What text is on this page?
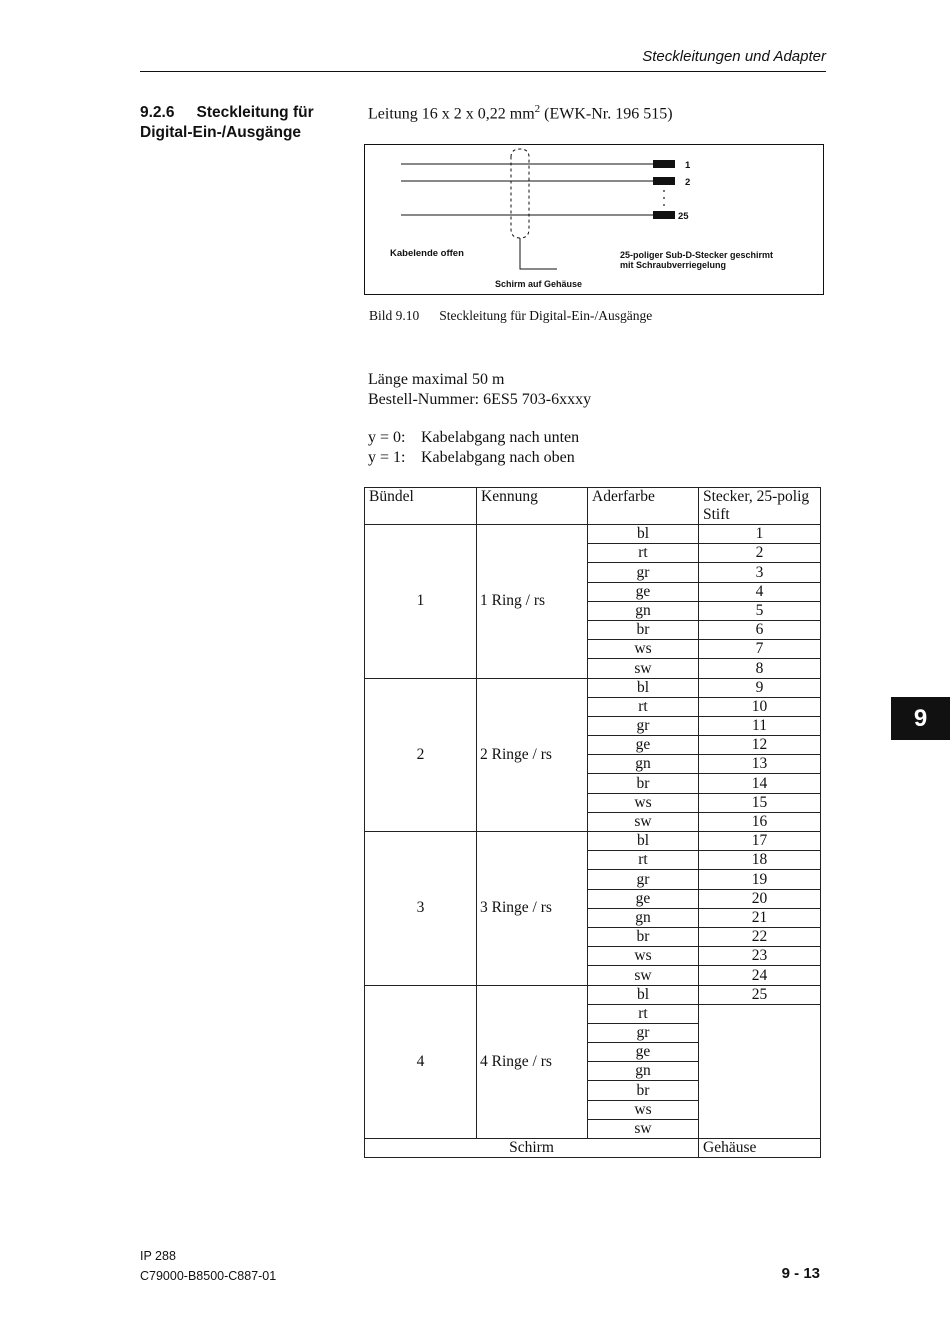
Steckleitungen und Adapter
9.2.6 Steckleitung für Digital-Ein-/Ausgänge
Leitung 16 x 2 x 0,22 $mm^2$ (EWK-Nr. 196 515)
1
2
25
Kabelende offen	25-poliger Sub-D-Stecker geschirmt
mit Schraubverriegelung
Schirm auf Gehäuse
Bild 9.10 Steckleitung für Digital-Ein-/Ausgänge
Länge maximal 50 m
Bestell-Nummer: 6ES5 703-6xxxy
y = 0: Kabelabgang nach unten
y = 1: Kabelabgang nach oben
Bündel	Kennung	Aderfarbe	Stecker, 25-polig
Stift
1	1 Ring / rs	bl	1
		rt	2
		gr	3
		ge	4
		gn	5
		br	6
		ws	7
		sw	8
2	2 Ringe / rs	bl	9
		rt	10
		gr	11
		ge	12
		gn	13
		br	14
		ws	15
		sw	16
3	3 Ringe / rs	bl	17
		rt	18
		gr	19
		ge	20
		gn	21
		br	22
		ws	23
		sw	24
4	4 Ringe / rs	bl	25
		rt	
		gr	
		ge	
		gn	
		br	
		ws	
		sw	
Schirm			Gehäuse
9
IP 288
C79000-B8500-C887-01	9 - 13
